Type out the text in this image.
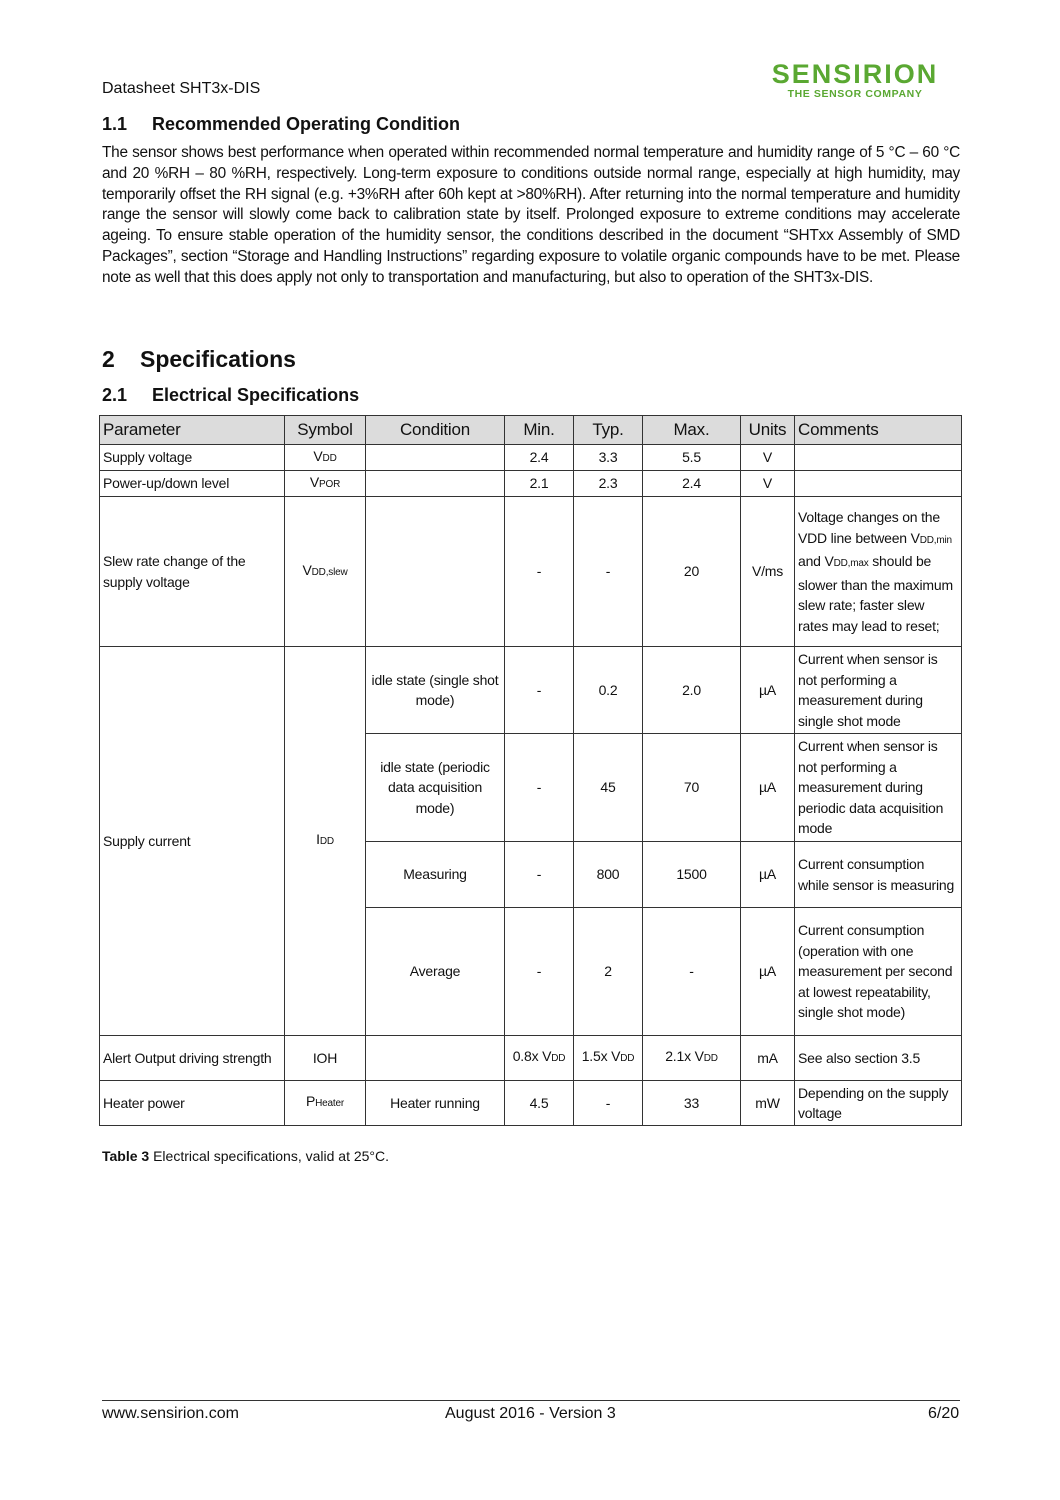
Datasheet SHT3x-DIS	SENSIRION
THE SENSOR COMPANY
1.1 Recommended Operating Condition
The sensor shows best performance when operated within recommended normal temperature and humidity range of 5 °C – 60 °C and 20 %RH – 80 %RH, respectively. Long-term exposure to conditions outside normal range, especially at high humidity, may temporarily offset the RH signal (e.g. +3%RH after 60h kept at >80%RH). After returning into the normal temperature and humidity range the sensor will slowly come back to calibration state by itself. Prolonged exposure to extreme conditions may accelerate ageing. To ensure stable operation of the humidity sensor, the conditions described in the document “SHTxx Assembly of SMD Packages”, section “Storage and Handling Instructions” regarding exposure to volatile organic compounds have to be met. Please note as well that this does apply not only to transportation and manufacturing, but also to operation of the SHT3x-DIS.
2 Specifications
2.1 Electrical Specifications
Parameter	Symbol	Condition	Min.	Typ.	Max.	Units	Comments
Supply voltage	VDD		2.4	3.3	5.5	V	
Power-up/down level	VPOR		2.1	2.3	2.4	V	
Slew rate change of the supply voltage	VDD,slew		-	-	20	V/ms	Voltage changes on the VDD line between VDD,min and VDD,max should be slower than the maximum slew rate; faster slew rates may lead to reset;
Supply current	IDD	idle state (single shot mode)	-	0.2	2.0	µA	Current when sensor is not performing a measurement during single shot mode
		idle state (periodic data acquisition mode)	-	45	70	µA	Current when sensor is not performing a measurement during periodic data acquisition mode
		Measuring	-	800	1500	µA	Current consumption while sensor is measuring
		Average	-	2	-	µA	Current consumption (operation with one measurement per second at lowest repeatability, single shot mode)
Alert Output driving strength	IOH		0.8x VDD	1.5x VDD	2.1x VDD	mA	See also section 3.5
Heater power	PHeater	Heater running	4.5	-	33	mW	Depending on the supply voltage
Table 3 Electrical specifications, valid at 25°C.
www.sensirion.com	August 2016 - Version 3	6/20
